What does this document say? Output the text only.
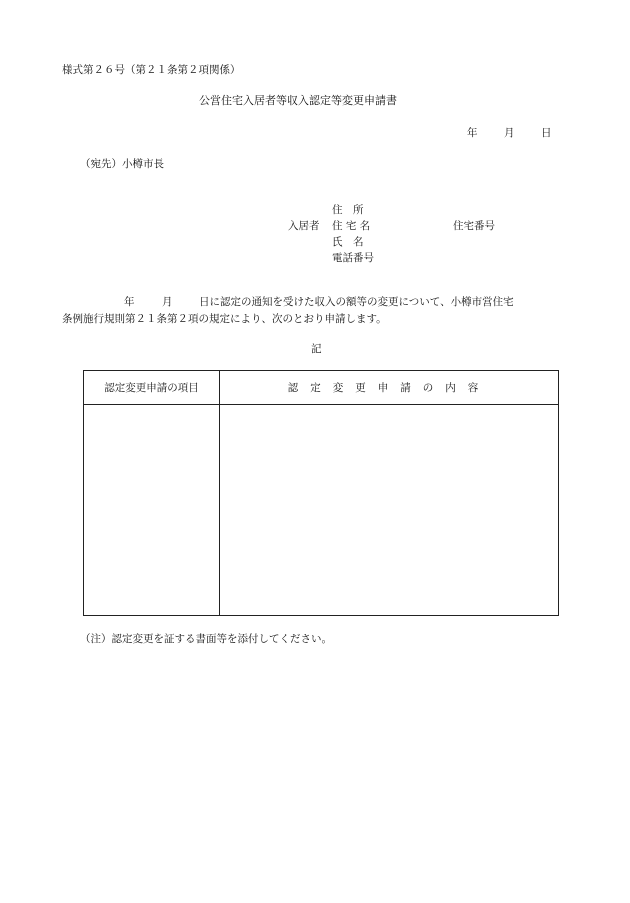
様式第２６号（第２１条第２項関係）
公営住宅入居者等収入認定等変更申請書
年	月	日
（宛先）小樽市長
住　所
入居者 住 宅 名	住宅番号
氏　名
電話番号
年	月	日に認定の通知を受けた収入の額等の変更について、小樽市営住宅
条例施行規則第２１条第２項の規定により、次のとおり申請します。
記
認定変更申請の項目	認定変更申請の内容

（注）認定変更を証する書面等を添付してください。
